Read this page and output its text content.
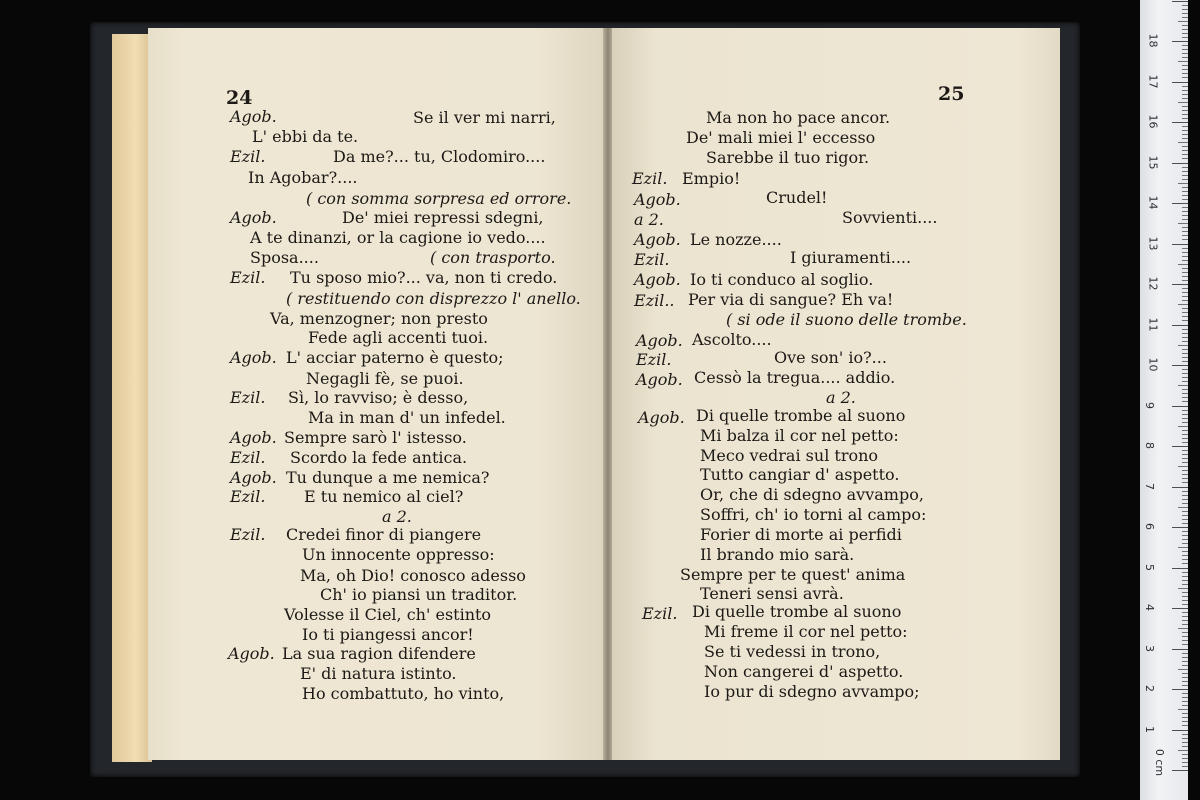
24
Agob.	Se il ver mi narri,
L' ebbi da te.
Ezil.	Da me?... tu, Clodomiro....
In Agobar?....
( con somma sorpresa ed orrore.
Agob.	De' miei repressi sdegni,
A te dinanzi, or la cagione io vedo....
Sposa....	( con trasporto.
Ezil. Tu sposo mio?... va, non ti credo.
( restituendo con disprezzo l' anello.
Va, menzogner; non presto
Fede agli accenti tuoi.
Agob. L' acciar paterno è questo;
Negagli fè, se puoi.
Ezil. Sì, lo ravviso; è desso,
Ma in man d' un infedel.
Agob. Sempre sarò l' istesso.
Ezil. Scordo la fede antica.
Agob. Tu dunque a me nemica?
Ezil. E tu nemico al ciel?
a 2.
Ezil. Credei finor di piangere
Un innocente oppresso:
Ma, oh Dio! conosco adesso
Ch' io piansi un traditor.
Volesse il Ciel, ch' estinto
Io ti piangessi ancor!
Agob. La sua ragion difendere
E' di natura istinto.
Ho combattuto, ho vinto,
25
Ma non ho pace ancor.
De' mali miei l' eccesso
Sarebbe il tuo rigor.
Ezil. Empio!
Agob.	Crudel!
a 2.	Sovvienti....
Agob. Le nozze....
Ezil.	I giuramenti....
Agob. Io ti conduco al soglio.
Ezil.. Per via di sangue? Eh va!
( si ode il suono delle trombe.
Agob. Ascolto....
Ezil.	Ove son' io?...
Agob. Cessò la tregua.... addio.
a 2.
Agob. Di quelle trombe al suono
Mi balza il cor nel petto:
Meco vedrai sul trono
Tutto cangiar d' aspetto.
Or, che di sdegno avvampo,
Soffri, ch' io torni al campo:
Forier di morte ai perfidi
Il brando mio sarà.
Sempre per te quest' anima
Teneri sensi avrà.
Ezil. Di quelle trombe al suono
Mi freme il cor nel petto:
Se ti vedessi in trono,
Non cangerei d' aspetto.
Io pur di sdegno avvampo;
0 cm
1
2
3
4
5
6
7
8
9
10
11
12
13
14
15
16
17
18
